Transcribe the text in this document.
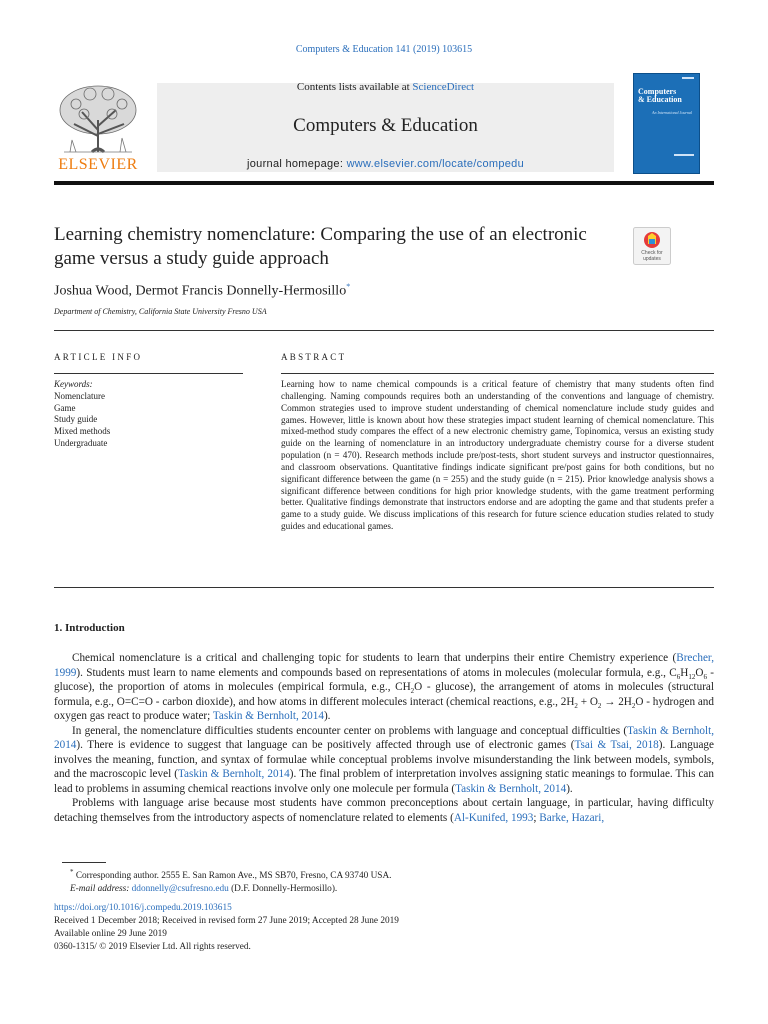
Computers & Education 141 (2019) 103615
Contents lists available at ScienceDirect
Computers & Education
journal homepage: www.elsevier.com/locate/compedu
ELSEVIER
Computers
& Education
An International Journal
Learning chemistry nomenclature: Comparing the use of an electronic game versus a study guide approach	Check for
updates
Joshua Wood, Dermot Francis Donnelly-Hermosillo*
Department of Chemistry, California State University Fresno USA
ARTICLE INFO	ABSTRACT
Keywords:
Nomenclature
Game
Study guide
Mixed methods
Undergraduate
Learning how to name chemical compounds is a critical feature of chemistry that many students often find challenging. Naming compounds requires both an understanding of the conventions and language of chemistry. Common strategies used to improve student understanding of chemical nomenclature include study guides and games. However, little is known about how these strategies impact student learning of chemical nomenclature. This mixed-method study compares the effect of a new electronic chemistry game, Topinomica, versus an existing study guide on the learning of nomenclature in an introductory undergraduate chemistry course for a diverse student population (n = 470). Research methods include pre/post-tests, short student surveys and instructor questionnaires, and classroom observations. Quantitative findings indicate significant pre/post gains for both conditions, but no significant difference between the game (n = 255) and the study guide (n = 215). Prior knowledge analysis shows a significant difference between conditions for high prior knowledge students, with the game treatment performing better. Qualitative findings demonstrate that instructors endorse and are adopting the game and that students prefer a game to a study guide. We discuss implications of this research for future science education studies related to study guides and educational games.
1. Introduction

Chemical nomenclature is a critical and challenging topic for students to learn that underpins their entire Chemistry experience (Brecher, 1999). Students must learn to name elements and compounds based on representations of atoms in molecules (molecular formula, e.g., $C_6H_{12}O_6 - glucose$), the proportion of atoms in molecules (empirical formula, e.g., $CH_2O - glucose$), the arrangement of atoms in molecules (structural formula, e.g., O=C=O - carbon dioxide), and how atoms in different molecules interact (chemical reactions, e.g., $2H_2 + O_2 \to 2H_2O$ - hydrogen and oxygen gas react to produce water; Taskin & Bernholt, 2014).

In general, the nomenclature difficulties students encounter center on problems with language and conceptual difficulties (Taskin & Bernholt, 2014). There is evidence to suggest that language can be positively affected through use of electronic games (Tsai & Tsai, 2018). Language involves the meaning, function, and syntax of formulae while conceptual problems involve misunderstanding the link between models, symbols, and the macroscopic level (Taskin & Bernholt, 2014). The final problem of interpretation involves assigning static meanings to formulae. This can lead to problems in assuming chemical reactions involve only one molecule per formula (Taskin & Bernholt, 2014).

Problems with language arise because most students have common preconceptions about certain language, in particular, having difficulty detaching themselves from the introductory aspects of nomenclature related to elements (Al-Kunifed, 1993; Barke, Hazari,

* Corresponding author. 2555 E. San Ramon Ave., MS SB70, Fresno, CA 93740 USA.
E-mail address: ddonnelly@csufresno.edu (D.F. Donnelly-Hermosillo).
https://doi.org/10.1016/j.compedu.2019.103615
Received 1 December 2018; Received in revised form 27 June 2019; Accepted 28 June 2019
Available online 29 June 2019
0360-1315/ © 2019 Elsevier Ltd. All rights reserved.
